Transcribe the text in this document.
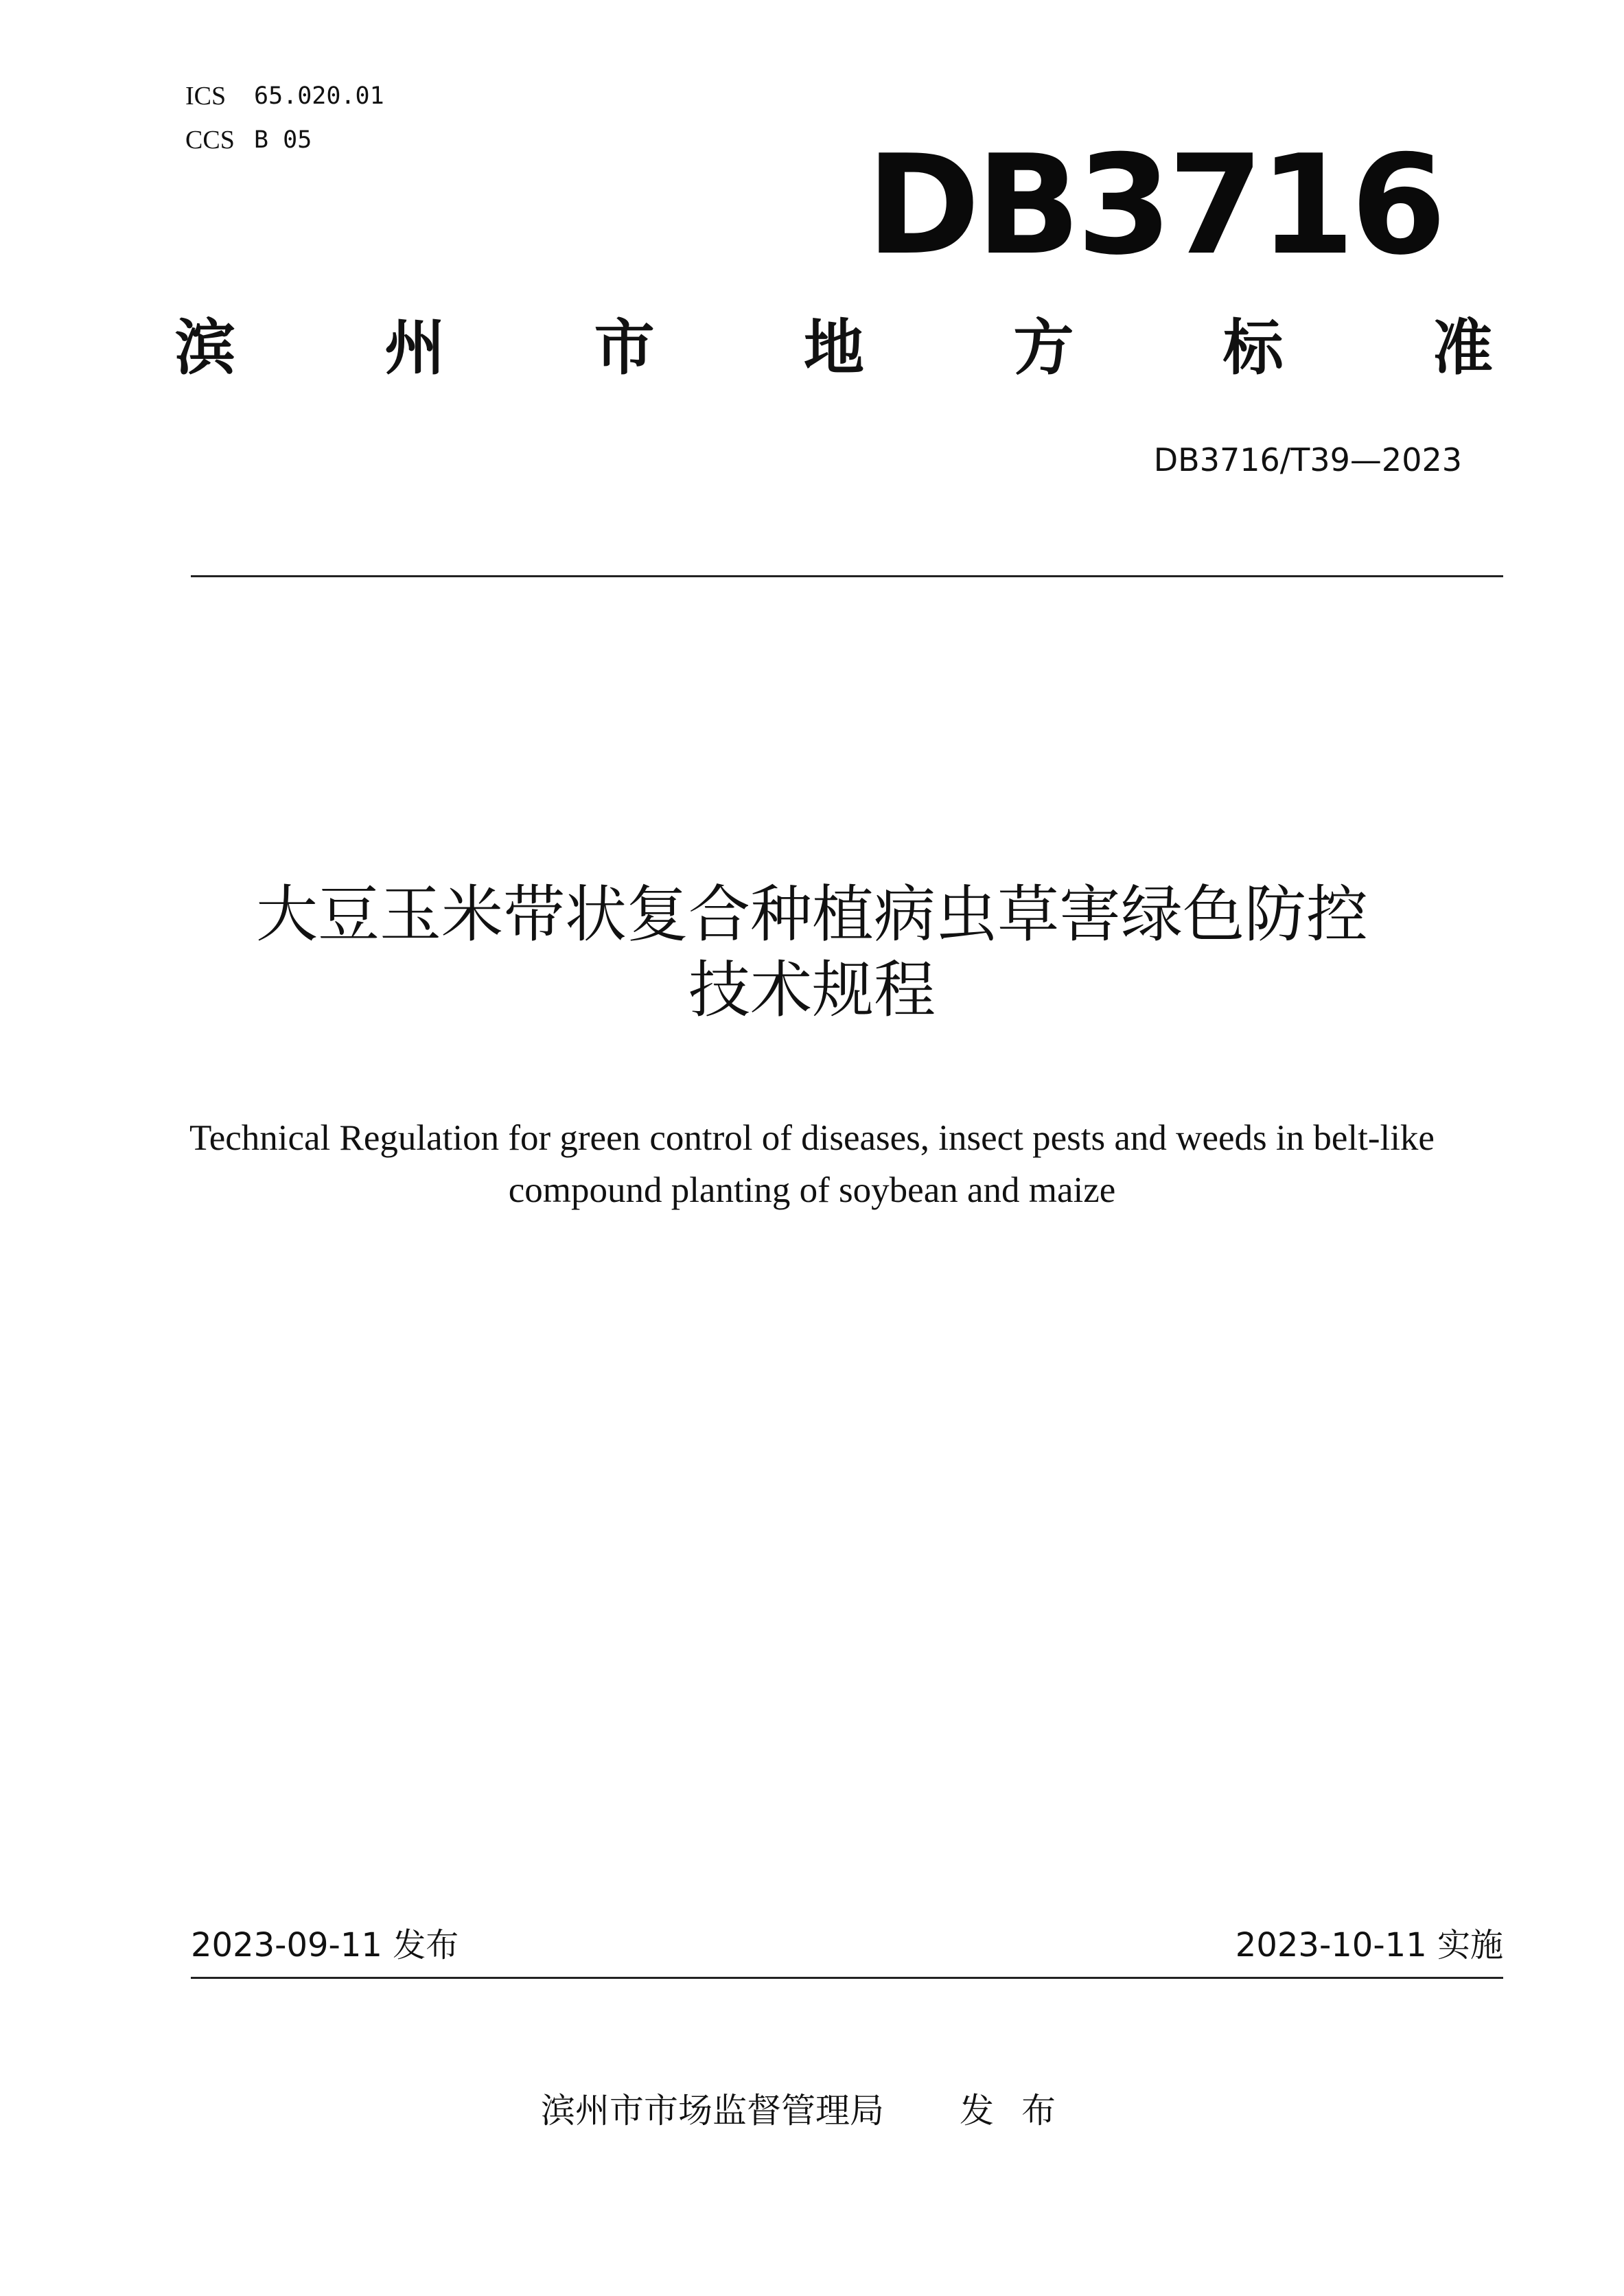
ICS	65.020.01
CCS B 05	DB3716
滨 州 市 地 方 标 准
DB3716/T39—2023
大豆玉米带状复合种植病虫草害绿色防控
技术规程
Technical Regulation for green control of diseases, insect pests and weeds in belt-like
compound planting of soybean and maize
2023-09-11 发布	2023-10-11 实施
滨州市市场监督管理局 发布
